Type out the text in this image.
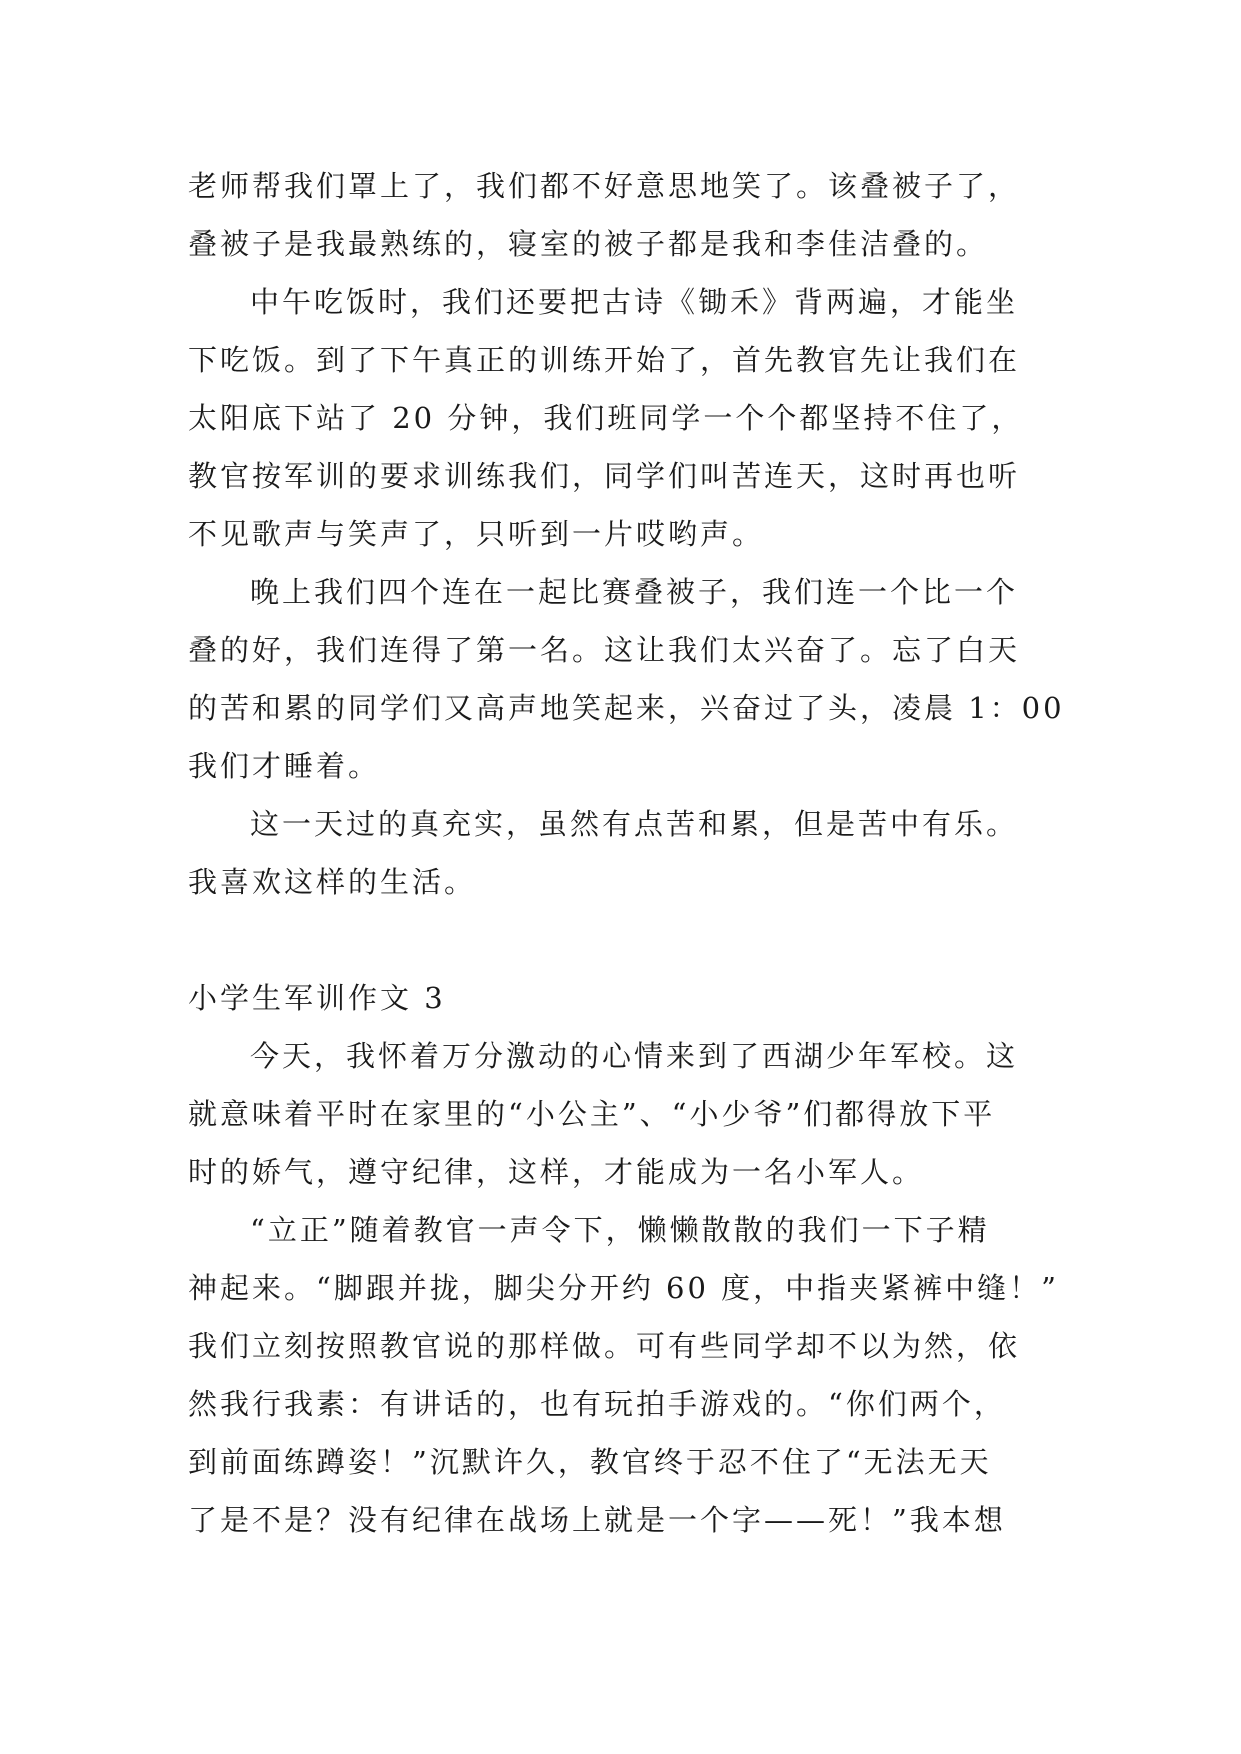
老师帮我们罩上了，我们都不好意思地笑了。该叠被子了，
叠被子是我最熟练的，寝室的被子都是我和李佳洁叠的。
中午吃饭时，我们还要把古诗《锄禾》背两遍，才能坐
下吃饭。到了下午真正的训练开始了，首先教官先让我们在
太阳底下站了 20 分钟，我们班同学一个个都坚持不住了，
教官按军训的要求训练我们，同学们叫苦连天，这时再也听
不见歌声与笑声了，只听到一片哎哟声。
晚上我们四个连在一起比赛叠被子，我们连一个比一个
叠的好，我们连得了第一名。这让我们太兴奋了。忘了白天
的苦和累的同学们又高声地笑起来，兴奋过了头，凌晨 1：00
我们才睡着。
这一天过的真充实，虽然有点苦和累，但是苦中有乐。
我喜欢这样的生活。
小学生军训作文 3
今天，我怀着万分激动的心情来到了西湖少年军校。这
就意味着平时在家里的“小公主”、“小少爷”们都得放下平
时的娇气，遵守纪律，这样，才能成为一名小军人。
“立正”随着教官一声令下，懒懒散散的我们一下子精
神起来。“脚跟并拢，脚尖分开约 60 度，中指夹紧裤中缝！”
我们立刻按照教官说的那样做。可有些同学却不以为然，依
然我行我素：有讲话的，也有玩拍手游戏的。“你们两个，
到前面练蹲姿！”沉默许久，教官终于忍不住了“无法无天
了是不是？没有纪律在战场上就是一个字——死！”我本想
